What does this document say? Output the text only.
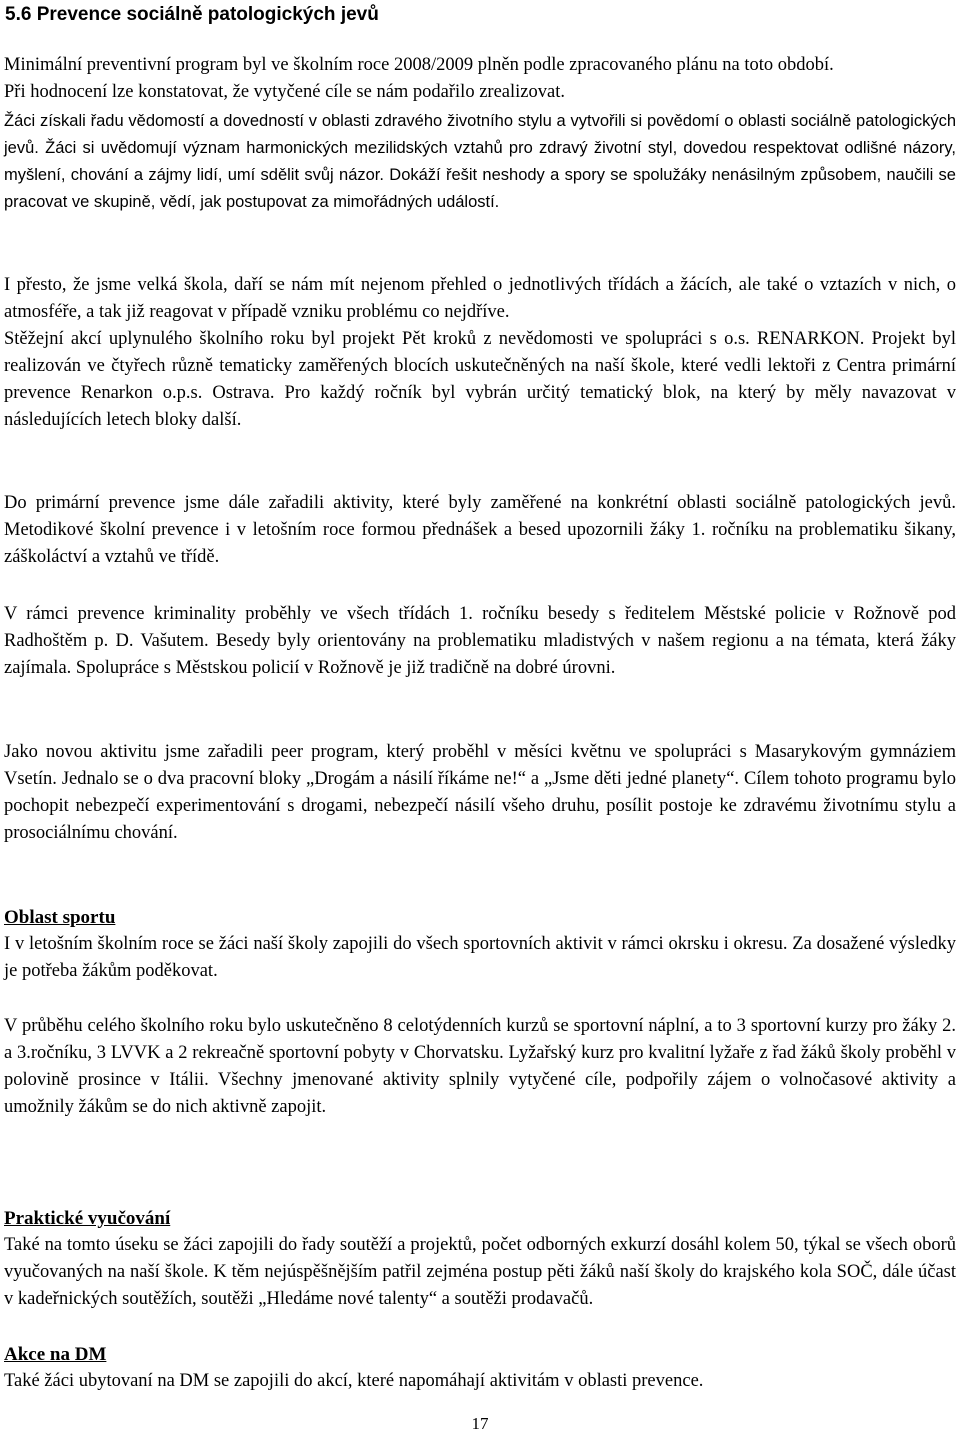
5.6 Prevence sociálně patologických jevů

Minimální preventivní program byl ve školním roce 2008/2009 plněn podle zpracovaného plánu na toto období.
Při hodnocení lze konstatovat, že vytyčené cíle se nám podařilo zrealizovat.

Žáci získali řadu vědomostí a dovedností v oblasti zdravého životního stylu a vytvořili si povědomí o oblasti sociálně patologických jevů. Žáci si uvědomují význam harmonických mezilidských vztahů pro zdravý životní styl, dovedou respektovat odlišné názory, myšlení, chování a zájmy lidí, umí sdělit svůj názor. Dokáží řešit neshody a spory se spolužáky nenásilným způsobem, naučili se pracovat ve skupině, vědí, jak postupovat za mimořádných událostí.

I přesto, že jsme velká škola, daří se nám mít nejenom přehled o jednotlivých třídách a žácích, ale také o vztazích v nich, o atmosféře, a tak již reagovat v případě vzniku problému co nejdříve.

Stěžejní akcí uplynulého školního roku byl projekt Pět kroků z nevědomosti ve spolupráci s o.s. RENARKON. Projekt byl realizován ve čtyřech různě tematicky zaměřených blocích uskutečněných na naší škole, které vedli lektoři z Centra primární prevence Renarkon o.p.s. Ostrava. Pro každý ročník byl vybrán určitý tematický blok, na který by měly navazovat v následujících letech bloky další.

Do primární prevence jsme dále zařadili aktivity, které byly zaměřené na konkrétní oblasti sociálně patologických jevů. Metodikové školní prevence i v letošním roce formou přednášek a besed upozornili žáky 1. ročníku na problematiku šikany, záškoláctví a vztahů ve třídě.

V rámci prevence kriminality proběhly ve všech třídách 1. ročníku besedy s ředitelem Městské policie v Rožnově pod Radhoštěm p. D. Vašutem. Besedy byly orientovány na problematiku mladistvých v našem regionu a na témata, která žáky zajímala. Spolupráce s Městskou policií v Rožnově je již tradičně na dobré úrovni.

Jako novou aktivitu jsme zařadili peer program, který proběhl v měsíci květnu ve spolupráci s Masarykovým gymnáziem Vsetín. Jednalo se o dva pracovní bloky „Drogám a násilí říkáme ne!“ a „Jsme děti jedné planety“. Cílem tohoto programu bylo pochopit nebezpečí experimentování s drogami, nebezpečí násilí všeho druhu, posílit postoje ke zdravému životnímu stylu a prosociálnímu chování.

Oblast sportu

I v letošním školním roce se žáci naší školy zapojili do všech sportovních aktivit v rámci okrsku i okresu. Za dosažené výsledky je potřeba žákům poděkovat.

V průběhu celého školního roku bylo uskutečněno 8 celotýdenních kurzů se sportovní náplní, a to 3 sportovní kurzy pro žáky 2. a 3.ročníku, 3 LVVK a 2 rekreačně sportovní pobyty v Chorvatsku. Lyžařský kurz pro kvalitní lyžaře z řad žáků školy proběhl v polovině prosince v Itálii. Všechny jmenované aktivity splnily vytyčené cíle, podpořily zájem o volnočasové aktivity a umožnily žákům se do nich aktivně zapojit.

Praktické vyučování

Také na tomto úseku se žáci zapojili do řady soutěží a projektů, počet odborných exkurzí dosáhl kolem 50, týkal se všech oborů vyučovaných na naší škole. K těm nejúspěšnějším patřil zejména postup pěti žáků naší školy do krajského kola SOČ, dále účast v kadeřnických soutěžích, soutěži „Hledáme nové talenty“ a soutěži prodavačů.

Akce na DM

Také žáci ubytovaní na DM se zapojili do akcí, které napomáhají aktivitám v oblasti prevence.

17
